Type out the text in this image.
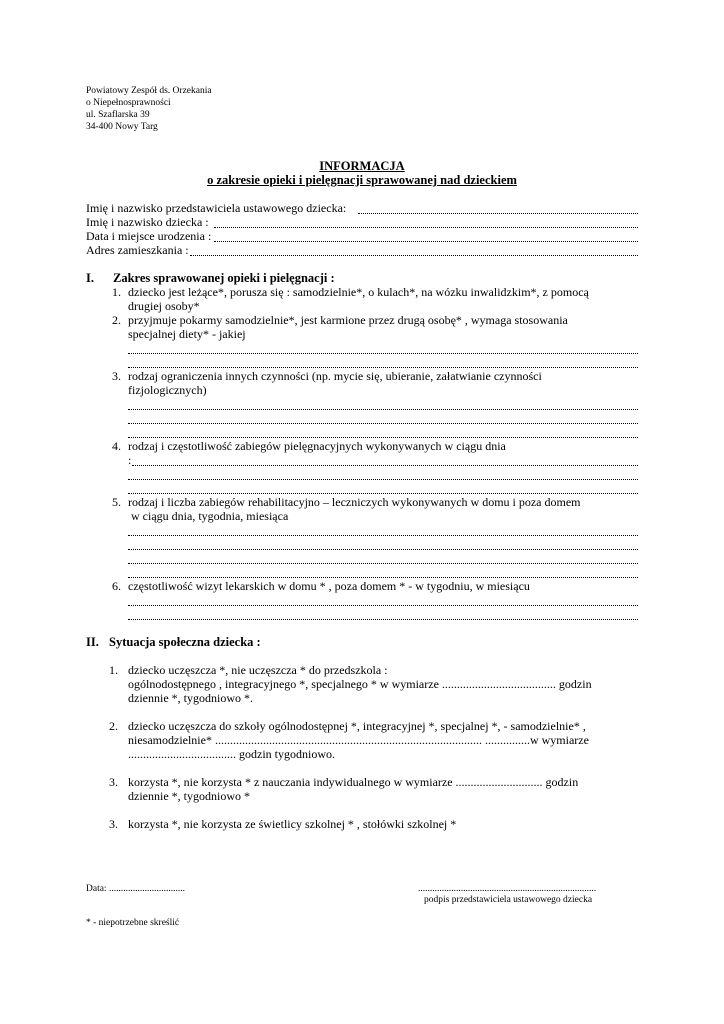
Powiatowy Zespół ds. Orzekania
o Niepełnosprawności
ul. Szaflarska 39
34-400 Nowy Targ
INFORMACJA
o zakresie opieki i pielęgnacji sprawowanej nad dzieckiem
Imię i nazwisko przedstawiciela ustawowego dziecka:
Imię i nazwisko dziecka :
Data i miejsce urodzenia :
Adres zamieszkania :
I. Zakres sprawowanej opieki i pielęgnacji :
1. dziecko jest leżące*, porusza się : samodzielnie*, o kulach*, na wózku inwalidzkim*, z pomocą
drugiej osoby*
2. przyjmuje pokarmy samodzielnie*, jest karmione przez drugą osobę* , wymaga stosowania
specjalnej diety* - jakiej
3. rodzaj ograniczenia innych czynności (np. mycie się, ubieranie, załatwianie czynności
fizjologicznych)
4. rodzaj i częstotliwość zabiegów pielęgnacyjnych wykonywanych w ciągu dnia
:
5. rodzaj i liczba zabiegów rehabilitacyjno – leczniczych wykonywanych w domu i poza domem
w ciągu dnia, tygodnia, miesiąca
6. częstotliwość wizyt lekarskich w domu * , poza domem * - w tygodniu, w miesiącu
II. Sytuacja społeczna dziecka :
1. dziecko uczęszcza *, nie uczęszcza * do przedszkola :
ogólnodostępnego , integracyjnego *, specjalnego * w wymiarze ...................................... godzin
dziennie *, tygodniowo *.
2. dziecko uczęszcza do szkoły ogólnodostępnej *, integracyjnej *, specjalnej *, - samodzielnie* ,
niesamodzielnie* ......................................................................................... ...............w wymiarze
.................................... godzin tygodniowo.
3. korzysta *, nie korzysta * z nauczania indywidualnego w wymiarze ............................. godzin
dziennie *, tygodniowo *
3. korzysta *, nie korzysta ze świetlicy szkolnej * , stołówki szkolnej *
Data: ................................	...........................................................................
podpis przedstawiciela ustawowego dziecka
* - niepotrzebne skreślić
